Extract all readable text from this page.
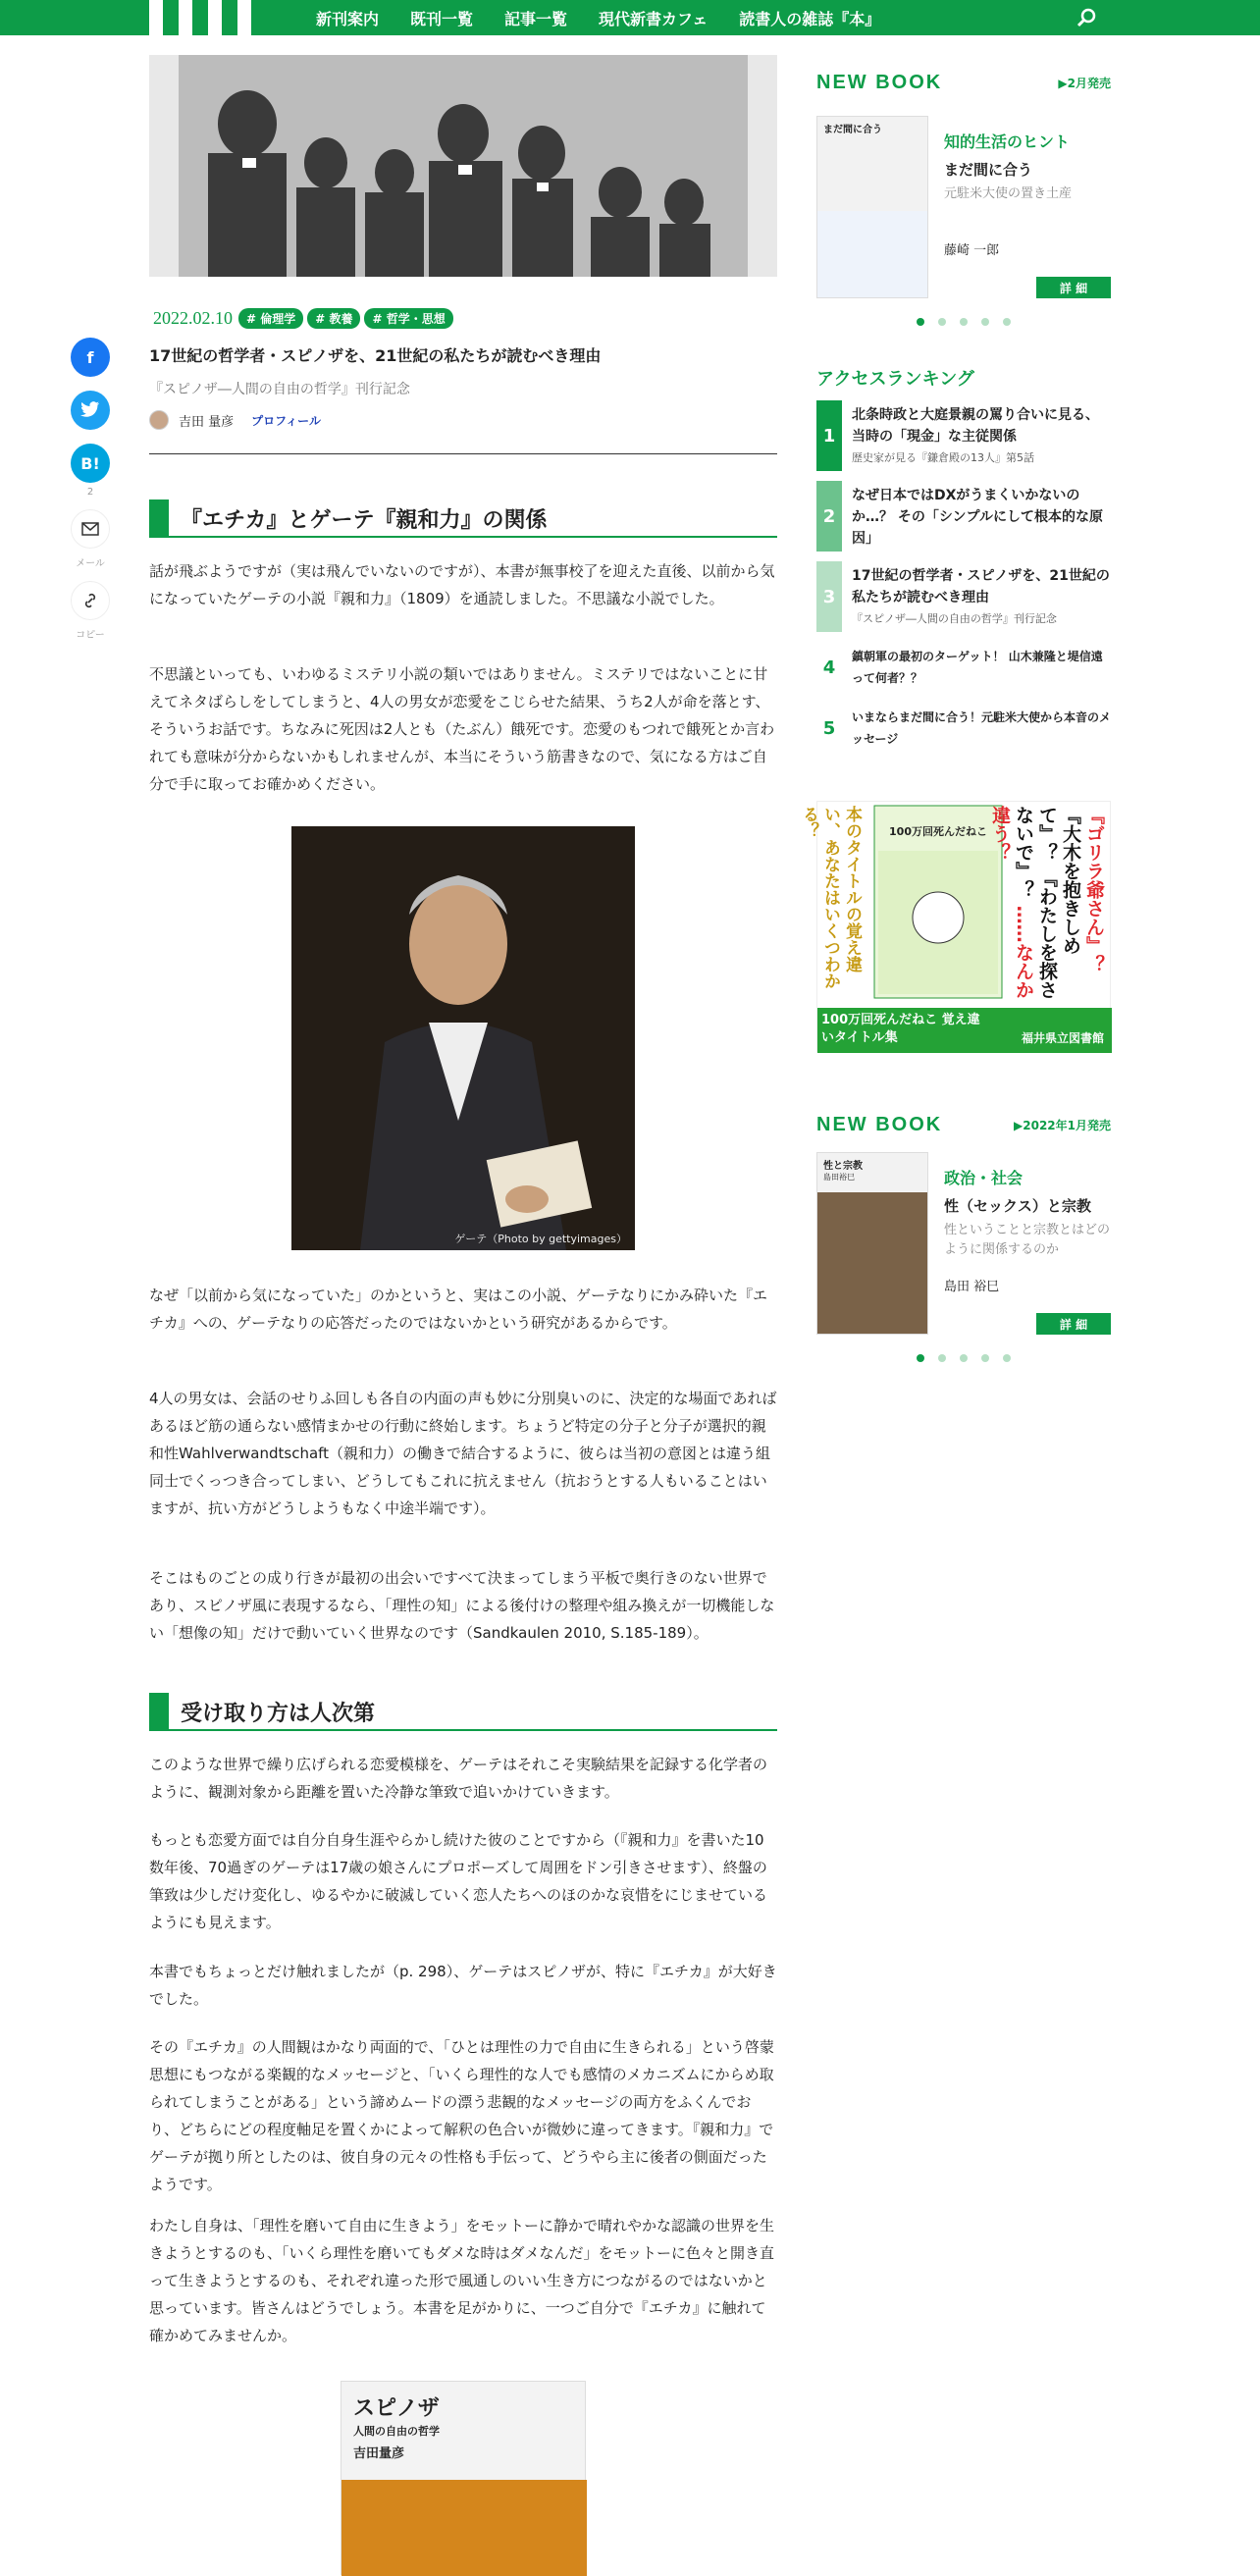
新刊案内 既刊一覧 記事一覧 現代新書カフェ 読書人の雑誌『本』
f
B!
2
メール
コピー
2022.02.10	# 倫理学	# 教養	# 哲学・思想
17世紀の哲学者・スピノザを、21世紀の私たちが読むべき理由
『スピノザ―人間の自由の哲学』刊行記念
吉田 量彦 プロフィール
『エチカ』とゲーテ『親和力』の関係
話が飛ぶようですが（実は飛んでいないのですが）、本書が無事校了を迎えた直後、以前から気になっていたゲーテの小説『親和力』（1809）を通読しました。不思議な小説でした。
不思議といっても、いわゆるミステリ小説の類いではありません。ミステリではないことに甘えてネタばらしをしてしまうと、4人の男女が恋愛をこじらせた結果、うち2人が命を落とす、そういうお話です。ちなみに死因は2人とも（たぶん）餓死です。恋愛のもつれで餓死とか言われても意味が分からないかもしれませんが、本当にそういう筋書きなので、気になる方はご自分で手に取ってお確かめください。
ゲーテ（Photo by gettyimages）
なぜ「以前から気になっていた」のかというと、実はこの小説、ゲーテなりにかみ砕いた『エチカ』への、ゲーテなりの応答だったのではないかという研究があるからです。
4人の男女は、会話のせりふ回しも各自の内面の声も妙に分別臭いのに、決定的な場面であればあるほど筋の通らない感情まかせの行動に終始します。ちょうど特定の分子と分子が選択的親和性Wahlverwandtschaft（親和力）の働きで結合するように、彼らは当初の意図とは違う組同士でくっつき合ってしまい、どうしてもこれに抗えません（抗おうとする人もいることはいますが、抗い方がどうしようもなく中途半端です）。
そこはものごとの成り行きが最初の出会いですべて決まってしまう平板で奥行きのない世界であり、スピノザ風に表現するなら、「理性の知」による後付けの整理や組み換えが一切機能しない「想像の知」だけで動いていく世界なのです（Sandkaulen 2010, S.185-189）。
受け取り方は人次第
このような世界で繰り広げられる恋愛模様を、ゲーテはそれこそ実験結果を記録する化学者のように、観測対象から距離を置いた冷静な筆致で追いかけていきます。
もっとも恋愛方面では自分自身生涯やらかし続けた彼のことですから（『親和力』を書いた10数年後、70過ぎのゲーテは17歳の娘さんにプロポーズして周囲をドン引きさせます）、終盤の筆致は少しだけ変化し、ゆるやかに破滅していく恋人たちへのほのかな哀惜をにじませているようにも見えます。
本書でもちょっとだけ触れましたが（p. 298）、ゲーテはスピノザが、特に『エチカ』が大好きでした。
その『エチカ』の人間観はかなり両面的で、「ひとは理性の力で自由に生きられる」という啓蒙思想にもつながる楽観的なメッセージと、「いくら理性的な人でも感情のメカニズムにからめ取られてしまうことがある」という諦めムードの漂う悲観的なメッセージの両方をふくんでおり、どちらにどの程度軸足を置くかによって解釈の色合いが微妙に違ってきます。『親和力』でゲーテが拠り所としたのは、彼自身の元々の性格も手伝って、どうやら主に後者の側面だったようです。
わたし自身は、「理性を磨いて自由に生きよう」をモットーに静かで晴れやかな認識の世界を生きようとするのも、「いくら理性を磨いてもダメな時はダメなんだ」をモットーに色々と開き直って生きようとするのも、それぞれ違った形で風通しのいい生き方につながるのではないかと思っています。皆さんはどうでしょう。本書を足がかりに、一つご自分で『エチカ』に触れて確かめてみませんか。
スピノザ
人間の自由の哲学
吉田量彦
NEW BOOK	▶2月発売
まだ間に合う
知的生活のヒント
まだ間に合う
元駐米大使の置き土産
藤崎 一郎
詳 細
アクセスランキング
1
北条時政と大庭景親の罵り合いに見る、当時の「現金」な主従関係
歴史家が見る『鎌倉殿の13人』第5話
2
なぜ日本ではDXがうまくいかないのか…？ その「シンプルにして根本的な原因」
3
17世紀の哲学者・スピノザを、21世紀の私たちが読むべき理由
『スピノザ―人間の自由の哲学』刊行記念
4
鎮朝軍の最初のターゲット！ 山木兼隆と堤信遠って何者？？
5
いまならまだ間に合う！元駐米大使から本音のメッセージ
本のタイトルの覚え違い、あなたはいくつわかる？	100万回死んだねこ	『ゴリラ爺さん』？ 『大木を抱きしめて』？ 『わたしを探さないで』？ ……なんか違う？
100万回死んだねこ 覚え違いタイトル集	福井県立図書館
NEW BOOK	▶2022年1月発売
性と宗教
島田裕巳	政治・社会
性（セックス）と宗教
性ということと宗教とはどのように関係するのか
島田 裕巳
詳 細
